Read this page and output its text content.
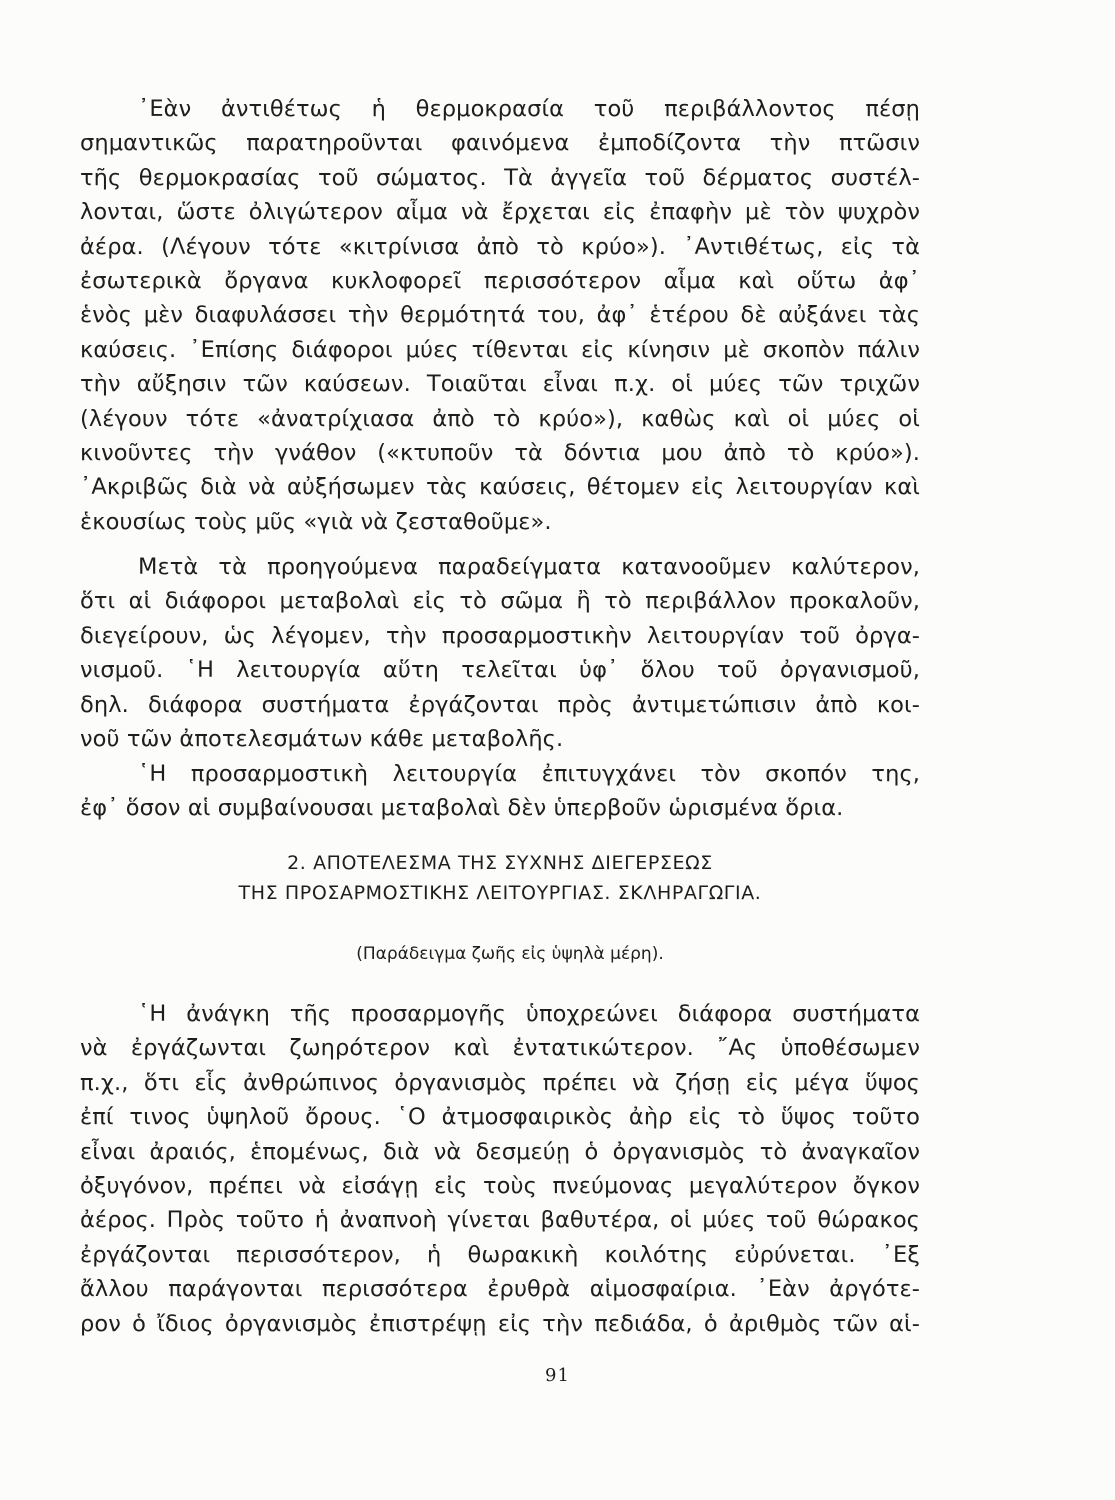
᾿Εὰν ἀντιθέτως ἡ θερμοκρασία τοῦ περιβάλλοντος πέσῃ
σημαντικῶς παρατηροῦνται φαινόμενα ἐμποδίζοντα τὴν πτῶσιν
τῆς θερμοκρασίας τοῦ σώματος. Τὰ ἀγγεῖα τοῦ δέρματος συστέλ-
λονται, ὥστε ὀλιγώτερον αἷμα νὰ ἔρχεται εἰς ἐπαφὴν μὲ τὸν ψυχρὸν
ἀέρα. (Λέγουν τότε «κιτρίνισα ἀπὸ τὸ κρύο»). ᾿Αντιθέτως, εἰς τὰ
ἐσωτερικὰ ὄργανα κυκλοφορεῖ περισσότερον αἷμα καὶ οὕτω ἀφ᾿
ἑνὸς μὲν διαφυλάσσει τὴν θερμότητά του, ἀφ᾿ ἑτέρου δὲ αὐξάνει τὰς
καύσεις. ᾿Επίσης διάφοροι μύες τίθενται εἰς κίνησιν μὲ σκοπὸν πάλιν
τὴν αὔξησιν τῶν καύσεων. Τοιαῦται εἶναι π.χ. οἱ μύες τῶν τριχῶν
(λέγουν τότε «ἀνατρίχιασα ἀπὸ τὸ κρύο»), καθὼς καὶ οἱ μύες οἱ
κινοῦντες τὴν γνάθον («κτυποῦν τὰ δόντια μου ἀπὸ τὸ κρύο»).
᾿Ακριβῶς διὰ νὰ αὐξήσωμεν τὰς καύσεις, θέτομεν εἰς λειτουργίαν καὶ
ἑκουσίως τοὺς μῦς «γιὰ νὰ ζεσταθοῦμε».
Μετὰ τὰ προηγούμενα παραδείγματα κατανοοῦμεν καλύτερον,
ὅτι αἱ διάφοροι μεταβολαὶ εἰς τὸ σῶμα ἢ τὸ περιβάλλον προκαλοῦν,
διεγείρουν, ὡς λέγομεν, τὴν προσαρμοστικὴν λειτουργίαν τοῦ ὀργα-
νισμοῦ. ῾Η λειτουργία αὕτη τελεῖται ὑφ᾿ ὅλου τοῦ ὀργανισμοῦ,
δηλ. διάφορα συστήματα ἐργάζονται πρὸς ἀντιμετώπισιν ἀπὸ κοι-
νοῦ τῶν ἀποτελεσμάτων κάθε μεταβολῆς.
῾Η προσαρμοστικὴ λειτουργία ἐπιτυγχάνει τὸν σκοπόν της,
ἐφ᾿ ὅσον αἱ συμβαίνουσαι μεταβολαὶ δὲν ὑπερβοῦν ὡρισμένα ὅρια.
2. ΑΠΟΤΕΛΕΣΜΑ ΤΗΣ ΣΥΧΝΗΣ ΔΙΕΓΕΡΣΕΩΣ
ΤΗΣ ΠΡΟΣΑΡΜΟΣΤΙΚΗΣ ΛΕΙΤΟΥΡΓΙΑΣ. ΣΚΛΗΡΑΓΩΓΙΑ.
(Παράδειγμα ζωῆς εἰς ὑψηλὰ μέρη).
῾Η ἀνάγκη τῆς προσαρμογῆς ὑποχρεώνει διάφορα συστήματα
νὰ ἐργάζωνται ζωηρότερον καὶ ἐντατικώτερον. ῎Ας ὑποθέσωμεν
π.χ., ὅτι εἷς ἀνθρώπινος ὀργανισμὸς πρέπει νὰ ζήσῃ εἰς μέγα ὕψος
ἐπί τινος ὑψηλοῦ ὄρους. ῾Ο ἀτμοσφαιρικὸς ἀὴρ εἰς τὸ ὕψος τοῦτο
εἶναι ἀραιός, ἑπομένως, διὰ νὰ δεσμεύῃ ὁ ὀργανισμὸς τὸ ἀναγκαῖον
ὀξυγόνον, πρέπει νὰ εἰσάγῃ εἰς τοὺς πνεύμονας μεγαλύτερον ὄγκον
ἀέρος. Πρὸς τοῦτο ἡ ἀναπνοὴ γίνεται βαθυτέρα, οἱ μύες τοῦ θώρακος
ἐργάζονται περισσότερον, ἡ θωρακικὴ κοιλότης εὐρύνεται. ᾿Εξ
ἄλλου παράγονται περισσότερα ἐρυθρὰ αἱμοσφαίρια. ᾿Εὰν ἀργότε-
ρον ὁ ἴδιος ὀργανισμὸς ἐπιστρέψῃ εἰς τὴν πεδιάδα, ὁ ἀριθμὸς τῶν αἱ-
91
